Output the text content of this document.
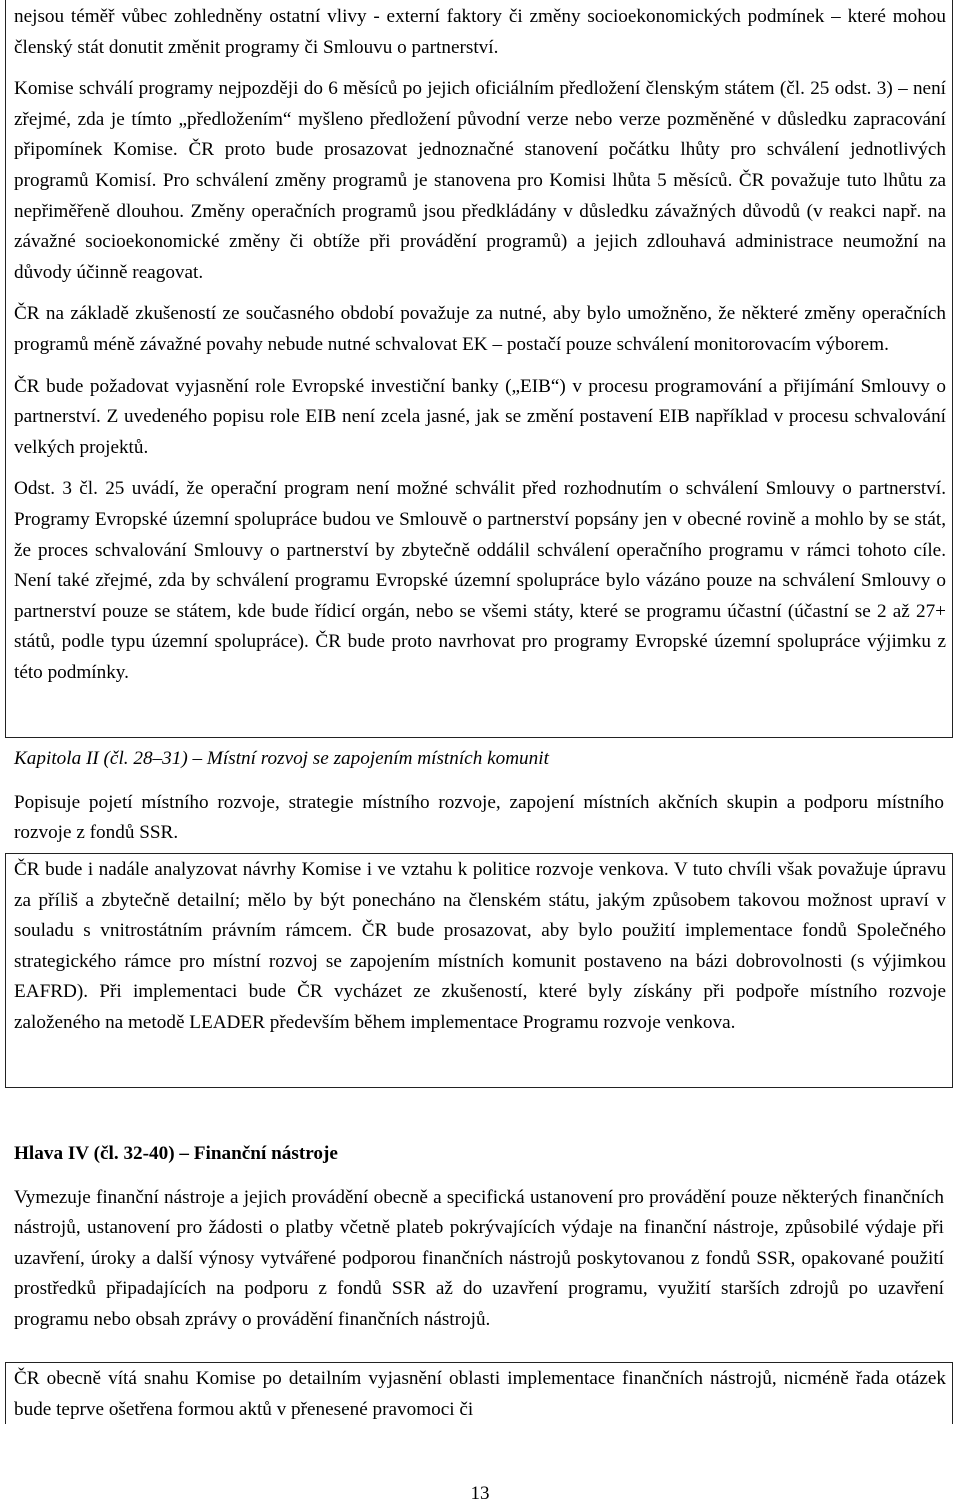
nejsou téměř vůbec zohledněny ostatní vlivy - externí faktory či změny socioekonomických podmínek – které mohou členský stát donutit změnit programy či Smlouvu o partnerství.

Komise schválí programy nejpozději do 6 měsíců po jejich oficiálním předložení členským státem (čl. 25 odst. 3) – není zřejmé, zda je tímto „předložením“ myšleno předložení původní verze nebo verze pozměněné v důsledku zapracování připomínek Komise. ČR proto bude prosazovat jednoznačné stanovení počátku lhůty pro schválení jednotlivých programů Komisí. Pro schválení změny programů je stanovena pro Komisi lhůta 5 měsíců. ČR považuje tuto lhůtu za nepřiměřeně dlouhou. Změny operačních programů jsou předkládány v důsledku závažných důvodů (v reakci např. na závažné socioekonomické změny či obtíže při provádění programů) a jejich zdlouhavá administrace neumožní na důvody účinně reagovat.

ČR na základě zkušeností ze současného období považuje za nutné, aby bylo umožněno, že některé změny operačních programů méně závažné povahy nebude nutné schvalovat EK – postačí pouze schválení monitorovacím výborem.

ČR bude požadovat vyjasnění role Evropské investiční banky („EIB“) v procesu programování a přijímání Smlouvy o partnerství. Z uvedeného popisu role EIB není zcela jasné, jak se změní postavení EIB například v procesu schvalování velkých projektů.

Odst. 3 čl. 25 uvádí, že operační program není možné schválit před rozhodnutím o schválení Smlouvy o partnerství. Programy Evropské územní spolupráce budou ve Smlouvě o partnerství popsány jen v obecné rovině a mohlo by se stát, že proces schvalování Smlouvy o partnerství by zbytečně oddálil schválení operačního programu v rámci tohoto cíle. Není také zřejmé, zda by schválení programu Evropské územní spolupráce bylo vázáno pouze na schválení Smlouvy o partnerství pouze se státem, kde bude řídicí orgán, nebo se všemi státy, které se programu účastní (účastní se 2 až 27+ států, podle typu územní spolupráce). ČR bude proto navrhovat pro programy Evropské územní spolupráce výjimku z této podmínky.

Kapitola II (čl. 28–31) – Místní rozvoj se zapojením místních komunit

Popisuje pojetí místního rozvoje, strategie místního rozvoje, zapojení místních akčních skupin a podporu místního rozvoje z fondů SSR.

ČR bude i nadále analyzovat návrhy Komise i ve vztahu k politice rozvoje venkova. V tuto chvíli však považuje úpravu za příliš a zbytečně detailní; mělo by být ponecháno na členském státu, jakým způsobem takovou možnost upraví v souladu s vnitrostátním právním rámcem. ČR bude prosazovat, aby bylo použití implementace fondů Společného strategického rámce pro místní rozvoj se zapojením místních komunit postaveno na bázi dobrovolnosti (s výjimkou EAFRD). Při implementaci bude ČR vycházet ze zkušeností, které byly získány při podpoře místního rozvoje založeného na metodě LEADER především během implementace Programu rozvoje venkova.

Hlava IV (čl. 32-40) – Finanční nástroje

Vymezuje finanční nástroje a jejich provádění obecně a specifická ustanovení pro provádění pouze některých finančních nástrojů, ustanovení pro žádosti o platby včetně plateb pokrývajících výdaje na finanční nástroje, způsobilé výdaje při uzavření, úroky a další výnosy vytvářené podporou finančních nástrojů poskytovanou z fondů SSR, opakované použití prostředků připadajících na podporu z fondů SSR až do uzavření programu, využití starších zdrojů po uzavření programu nebo obsah zprávy o provádění finančních nástrojů.

ČR obecně vítá snahu Komise po detailním vyjasnění oblasti implementace finančních nástrojů, nicméně řada otázek bude teprve ošetřena formou aktů v přenesené pravomoci či

13
